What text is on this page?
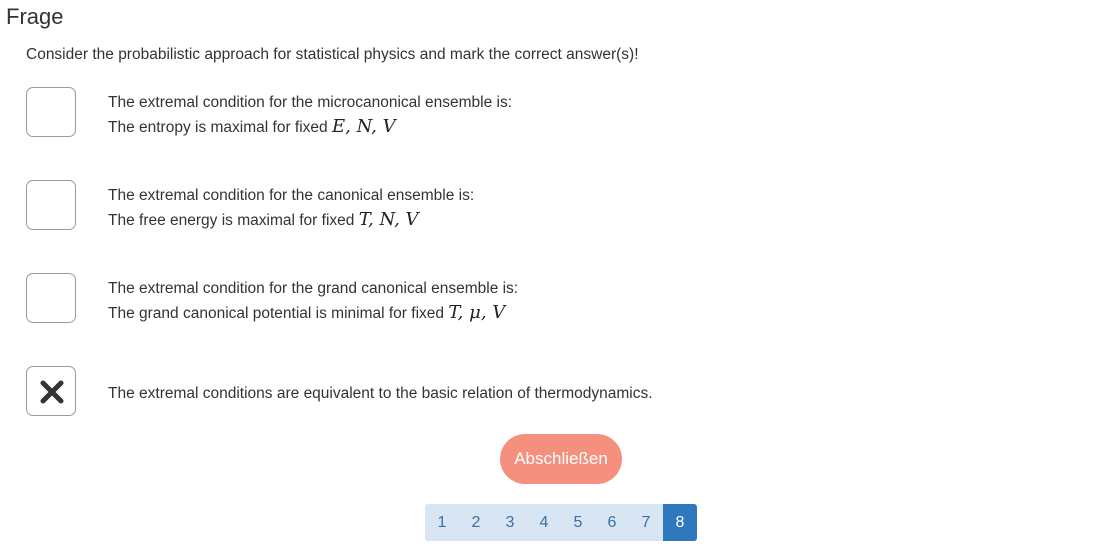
Frage
Consider the probabilistic approach for statistical physics and mark the correct answer(s)!
The extremal condition for the microcanonical ensemble is:
The entropy is maximal for fixed E, N, V
The extremal condition for the canonical ensemble is:
The free energy is maximal for fixed T, N, V
The extremal condition for the grand canonical ensemble is:
The grand canonical potential is minimal for fixed T, μ, V
The extremal conditions are equivalent to the basic relation of thermodynamics.
Abschließen
1	2	3	4	5	6	7	8
